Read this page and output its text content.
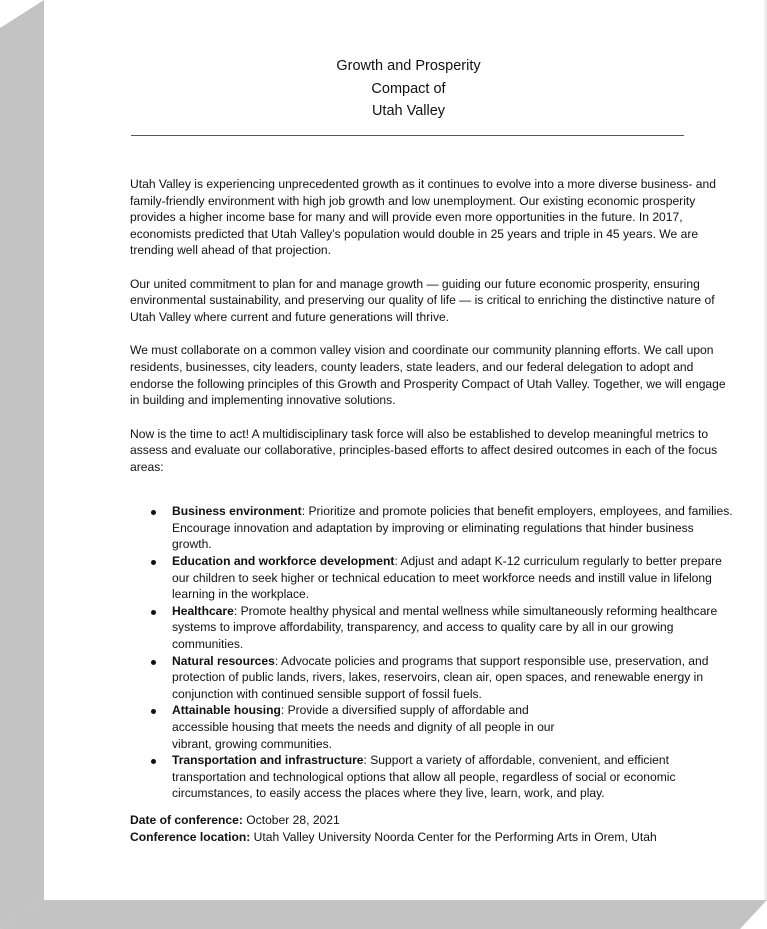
Growth and Prosperity
Compact of
Utah Valley

Utah Valley is experiencing unprecedented growth as it continues to evolve into a more diverse business- and family-friendly environment with high job growth and low unemployment. Our existing economic prosperity provides a higher income base for many and will provide even more opportunities in the future. In 2017, economists predicted that Utah Valley’s population would double in 25 years and triple in 45 years. We are trending well ahead of that projection.

Our united commitment to plan for and manage growth — guiding our future economic prosperity, ensuring environmental sustainability, and preserving our quality of life — is critical to enriching the distinctive nature of Utah Valley where current and future generations will thrive.

We must collaborate on a common valley vision and coordinate our community planning efforts. We call upon residents, businesses, city leaders, county leaders, state leaders, and our federal delegation to adopt and endorse the following principles of this Growth and Prosperity Compact of Utah Valley. Together, we will engage in building and implementing innovative solutions.

Now is the time to act! A multidisciplinary task force will also be established to develop meaningful metrics to assess and evaluate our collaborative, principles-based efforts to affect desired outcomes in each of the focus areas:

Business environment: Prioritize and promote policies that benefit employers, employees, and families. Encourage innovation and adaptation by improving or eliminating regulations that hinder business growth.
Education and workforce development: Adjust and adapt K-12 curriculum regularly to better prepare our children to seek higher or technical education to meet workforce needs and instill value in lifelong learning in the workplace.
Healthcare: Promote healthy physical and mental wellness while simultaneously reforming healthcare systems to improve affordability, transparency, and access to quality care by all in our growing communities.
Natural resources: Advocate policies and programs that support responsible use, preservation, and protection of public lands, rivers, lakes, reservoirs, clean air, open spaces, and renewable energy in conjunction with continued sensible support of fossil fuels.
Attainable housing: Provide a diversified supply of affordable and accessible housing that meets the needs and dignity of all people in our vibrant, growing communities.
Transportation and infrastructure: Support a variety of affordable, convenient, and efficient transportation and technological options that allow all people, regardless of social or economic circumstances, to easily access the places where they live, learn, work, and play.
Date of conference: October 28, 2021
Conference location: Utah Valley University Noorda Center for the Performing Arts in Orem, Utah
